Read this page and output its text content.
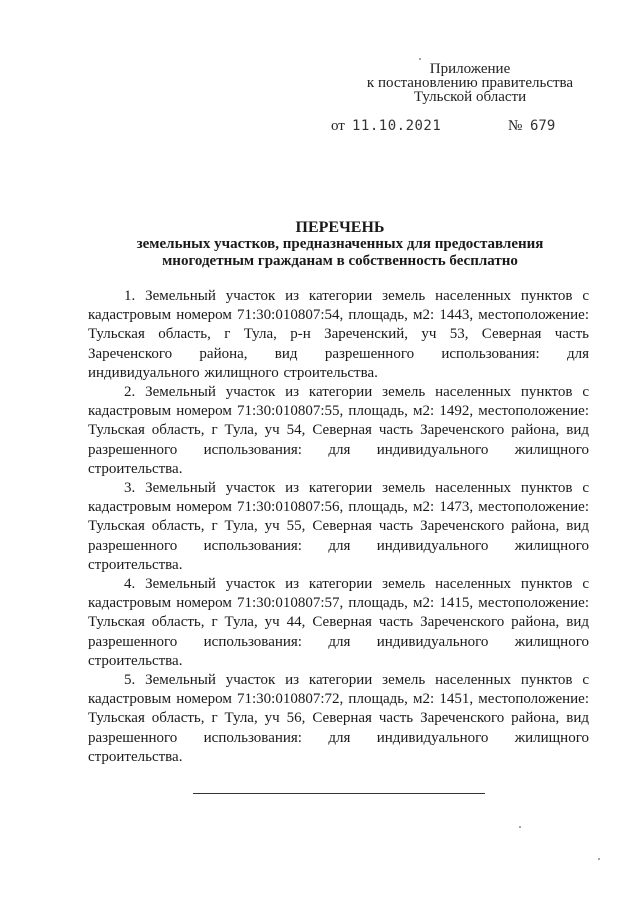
Приложение
к постановлению правительства
Тульской области
от 11.10.2021	№ 679
ПЕРЕЧЕНЬ
земельных участков, предназначенных для предоставления
многодетным гражданам в собственность бесплатно

1. Земельный участок из категории земель населенных пунктов с кадастровым номером 71:30:010807:54, площадь, м2: 1443, местоположение: Тульская область, г Тула, р-н Зареченский, уч 53, Северная часть Зареченского района, вид разрешенного использования: для индивидуального жилищного строительства.

2. Земельный участок из категории земель населенных пунктов с кадастровым номером 71:30:010807:55, площадь, м2: 1492, местоположение: Тульская область, г Тула, уч 54, Северная часть Зареченского района, вид разрешенного использования: для индивидуального жилищного строительства.

3. Земельный участок из категории земель населенных пунктов с кадастровым номером 71:30:010807:56, площадь, м2: 1473, местоположение: Тульская область, г Тула, уч 55, Северная часть Зареченского района, вид разрешенного использования: для индивидуального жилищного строительства.

4. Земельный участок из категории земель населенных пунктов с кадастровым номером 71:30:010807:57, площадь, м2: 1415, местоположение: Тульская область, г Тула, уч 44, Северная часть Зареченского района, вид разрешенного использования: для индивидуального жилищного строительства.

5. Земельный участок из категории земель населенных пунктов с кадастровым номером 71:30:010807:72, площадь, м2: 1451, местоположение: Тульская область, г Тула, уч 56, Северная часть Зареченского района, вид разрешенного использования: для индивидуального жилищного строительства.
